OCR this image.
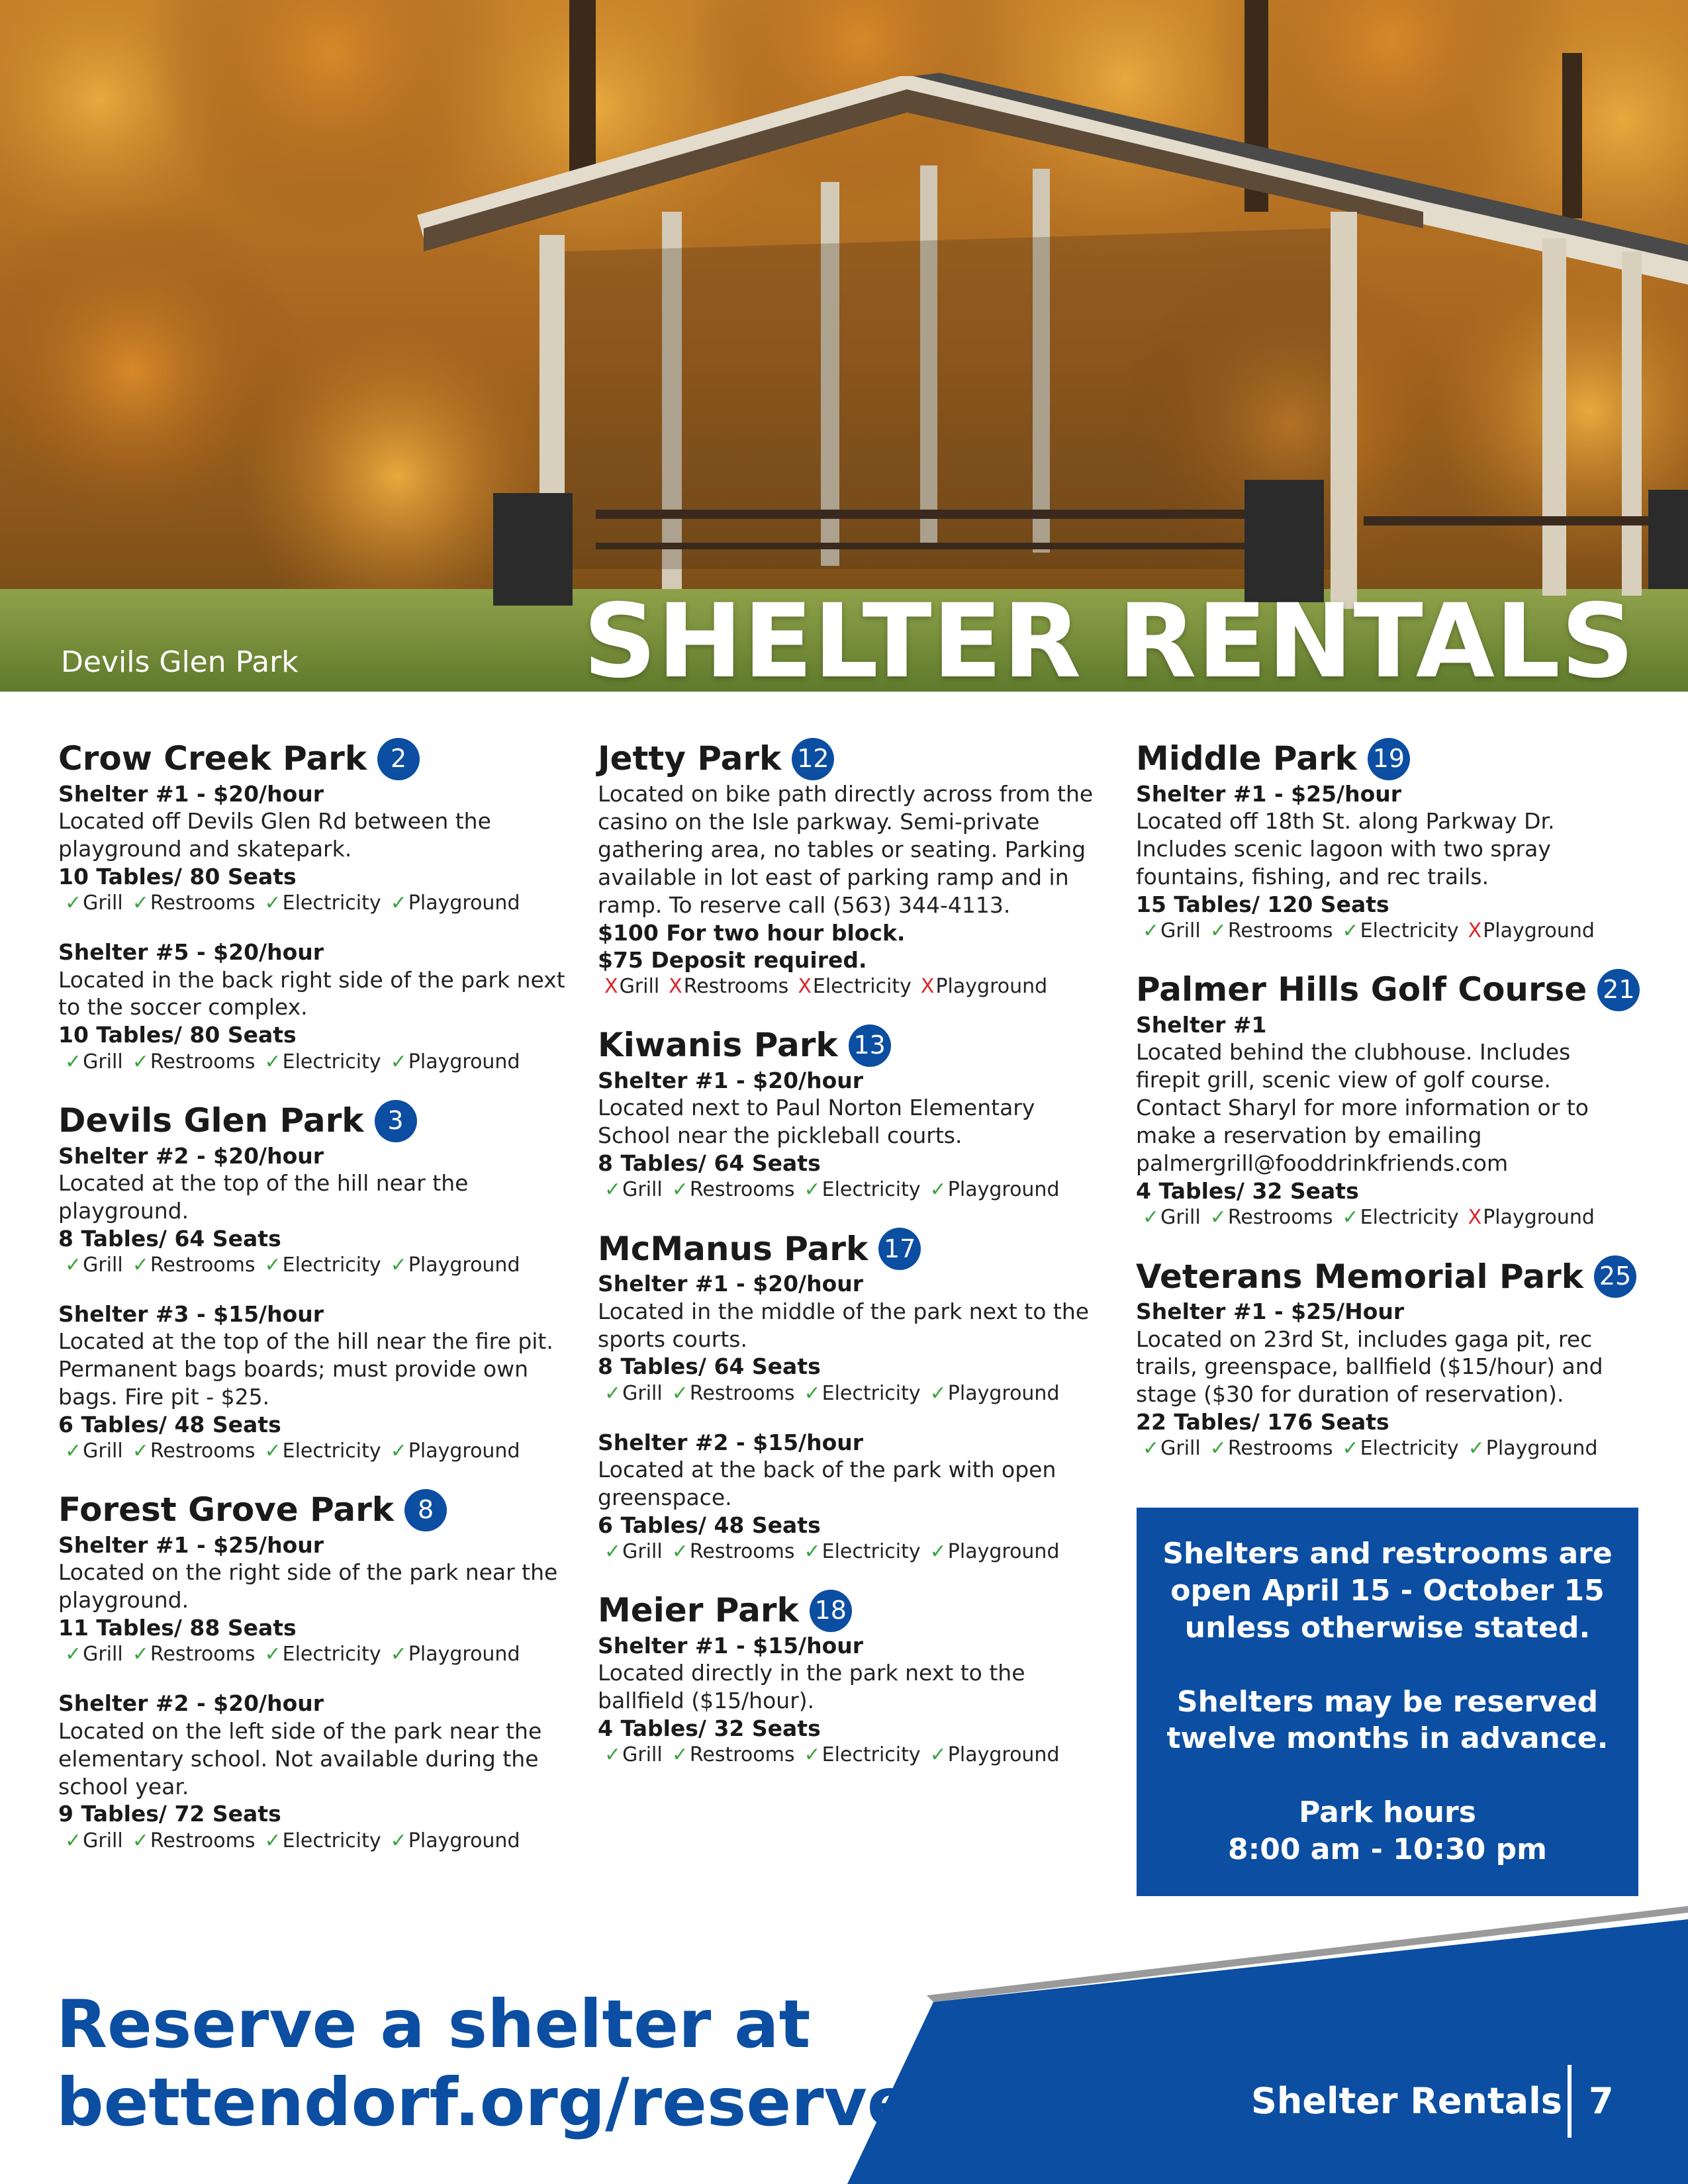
Devils Glen Park	SHELTER RENTALS
Crow Creek Park 2
Shelter #1 - $20/hour
Located off Devils Glen Rd between the playground and skatepark.
10 Tables/ 80 Seats
✓Grill ✓Restrooms ✓Electricity ✓Playground
Shelter #5 - $20/hour
Located in the back right side of the park next to the soccer complex.
10 Tables/ 80 Seats
✓Grill ✓Restrooms ✓Electricity ✓Playground
Devils Glen Park 3
Shelter #2 - $20/hour
Located at the top of the hill near the playground.
8 Tables/ 64 Seats
✓Grill ✓Restrooms ✓Electricity ✓Playground
Shelter #3 - $15/hour
Located at the top of the hill near the fire pit. Permanent bags boards; must provide own bags. Fire pit - $25.
6 Tables/ 48 Seats
✓Grill ✓Restrooms ✓Electricity ✓Playground
Forest Grove Park 8
Shelter #1 - $25/hour
Located on the right side of the park near the playground.
11 Tables/ 88 Seats
✓Grill ✓Restrooms ✓Electricity ✓Playground
Shelter #2 - $20/hour
Located on the left side of the park near the elementary school. Not available during the school year.
9 Tables/ 72 Seats
✓Grill ✓Restrooms ✓Electricity ✓Playground
Jetty Park 12
Located on bike path directly across from the casino on the Isle parkway. Semi-private gathering area, no tables or seating. Parking available in lot east of parking ramp and in ramp. To reserve call (563) 344-4113.
$100 For two hour block.
$75 Deposit required.
XGrill XRestrooms XElectricity XPlayground
Kiwanis Park 13
Shelter #1 - $20/hour
Located next to Paul Norton Elementary School near the pickleball courts.
8 Tables/ 64 Seats
✓Grill ✓Restrooms ✓Electricity ✓Playground
McManus Park 17
Shelter #1 - $20/hour
Located in the middle of the park next to the sports courts.
8 Tables/ 64 Seats
✓Grill ✓Restrooms ✓Electricity ✓Playground
Shelter #2 - $15/hour
Located at the back of the park with open greenspace.
6 Tables/ 48 Seats
✓Grill ✓Restrooms ✓Electricity ✓Playground
Meier Park 18
Shelter #1 - $15/hour
Located directly in the park next to the ballfield ($15/hour).
4 Tables/ 32 Seats
✓Grill ✓Restrooms ✓Electricity ✓Playground
Middle Park 19
Shelter #1 - $25/hour
Located off 18th St. along Parkway Dr. Includes scenic lagoon with two spray fountains, fishing, and rec trails.
15 Tables/ 120 Seats
✓Grill ✓Restrooms ✓Electricity XPlayground
Palmer Hills Golf Course 21
Shelter #1
Located behind the clubhouse. Includes firepit grill, scenic view of golf course. Contact Sharyl for more information or to make a reservation by emailing palmergrill@fooddrinkfriends.com
4 Tables/ 32 Seats
✓Grill ✓Restrooms ✓Electricity XPlayground
Veterans Memorial Park 25
Shelter #1 - $25/Hour
Located on 23rd St, includes gaga pit, rec trails, greenspace, ballfield ($15/hour) and stage ($30 for duration of reservation).
22 Tables/ 176 Seats
✓Grill ✓Restrooms ✓Electricity ✓Playground

Shelters and restrooms are open April 15 - October 15 unless otherwise stated.

Shelters may be reserved twelve months in advance.

Park hours

8:00 am - 10:30 pm

Reserve a shelter at
bettendorf.org/reserve	Shelter Rentals 7
